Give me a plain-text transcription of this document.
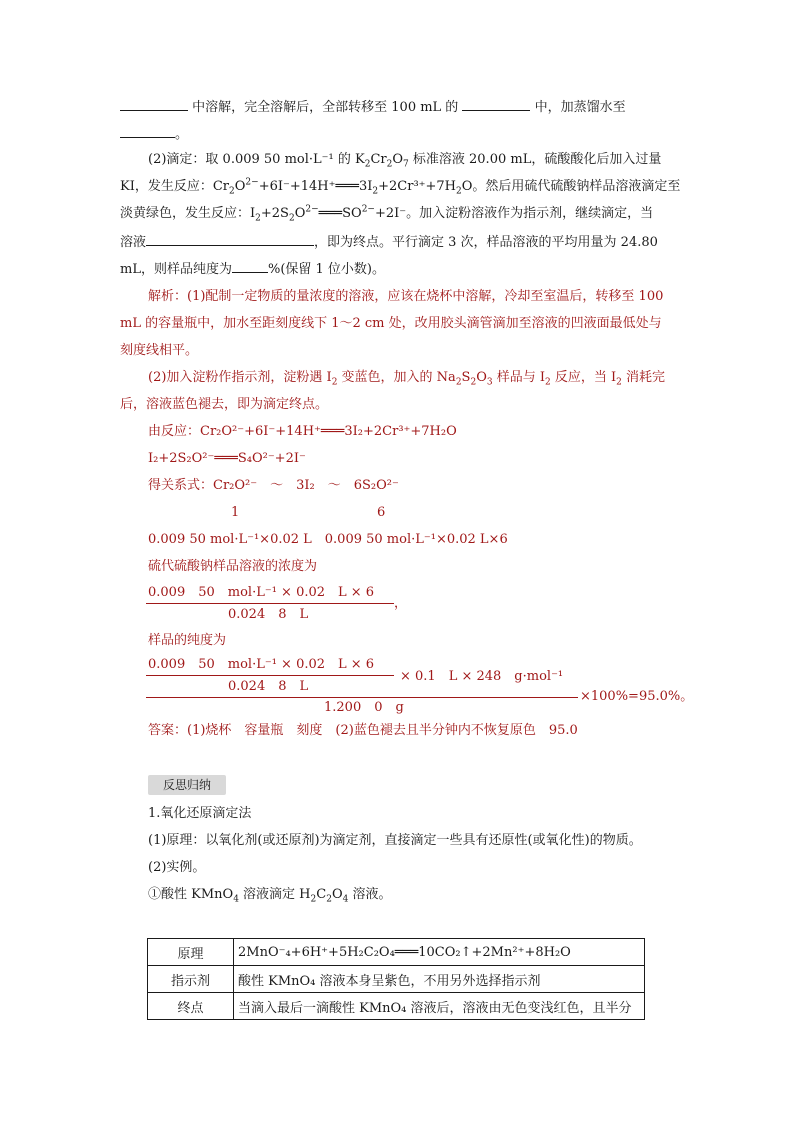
中溶解，完全溶解后，全部转移至 100 mL 的	中，加蒸馏水至
。
(2)滴定：取 0.009 50 mol·L⁻¹ 的 $K_2Cr_2O_7$ 标准溶液 20.00 mL，硫酸酸化后加入过量
KI，发生反应：$Cr_2O^{2-}+6I^-+14H^+═══3I_2+2Cr^{3+}+7H_2O$。然后用硫代硫酸钠样品溶液滴定至
淡黄绿色，发生反应：$I_2+2S_2O^{2-}═══SO^{2-}+2I^-$。加入淀粉溶液作为指示剂，继续滴定，当
溶液	，即为终点。平行滴定 3 次，样品溶液的平均用量为 24.80
mL，则样品纯度为	%(保留 1 位小数)。
解析：(1)配制一定物质的量浓度的溶液，应该在烧杯中溶解，冷却至室温后，转移至 100
mL 的容量瓶中，加水至距刻度线下 1～2 cm 处，改用胶头滴管滴加至溶液的凹液面最低处与
刻度线相平。
(2)加入淀粉作指示剂，淀粉遇 $I_2$ 变蓝色，加入的 $Na_2S_2O_3$ 样品与 $I_2$ 反应，当 $I_2$ 消耗完
后，溶液蓝色褪去，即为滴定终点。
由反应：Cr₂O²⁻+6I⁻+14H⁺═══3I₂+2Cr³⁺+7H₂O
I₂+2S₂O²⁻═══S₄O²⁻+2I⁻
得关系式：Cr₂O²⁻　～　3I₂　～　6S₂O²⁻
1	6
0.009 50 mol·L⁻¹×0.02 L　0.009 50 mol·L⁻¹×0.02 L×6
硫代硫酸钠样品溶液的浓度为
0.009　50　mol·L⁻¹ × 0.02　L × 6
，
0.024　8　L
样品的纯度为
0.009　50　mol·L⁻¹ × 0.02　L × 6
0.024　8　L
× 0.1　L × 248　g·mol⁻¹
×100%=95.0%。
1.200　0　g
答案：(1)烧杯　容量瓶　刻度　(2)蓝色褪去且半分钟内不恢复原色　95.0
反思归纳
1.氧化还原滴定法
(1)原理：以氧化剂(或还原剂)为滴定剂，直接滴定一些具有还原性(或氧化性)的物质。
(2)实例。
①酸性 KMnO$_4$ 溶液滴定 $H_2C_2O_4$ 溶液。
原理	2MnO⁻₄+6H⁺+5H₂C₂O₄═══10CO₂↑+2Mn²⁺+8H₂O
指示剂	酸性 KMnO₄ 溶液本身呈紫色，不用另外选择指示剂
终点	当滴入最后一滴酸性 KMnO₄ 溶液后，溶液由无色变浅红色，且半分
